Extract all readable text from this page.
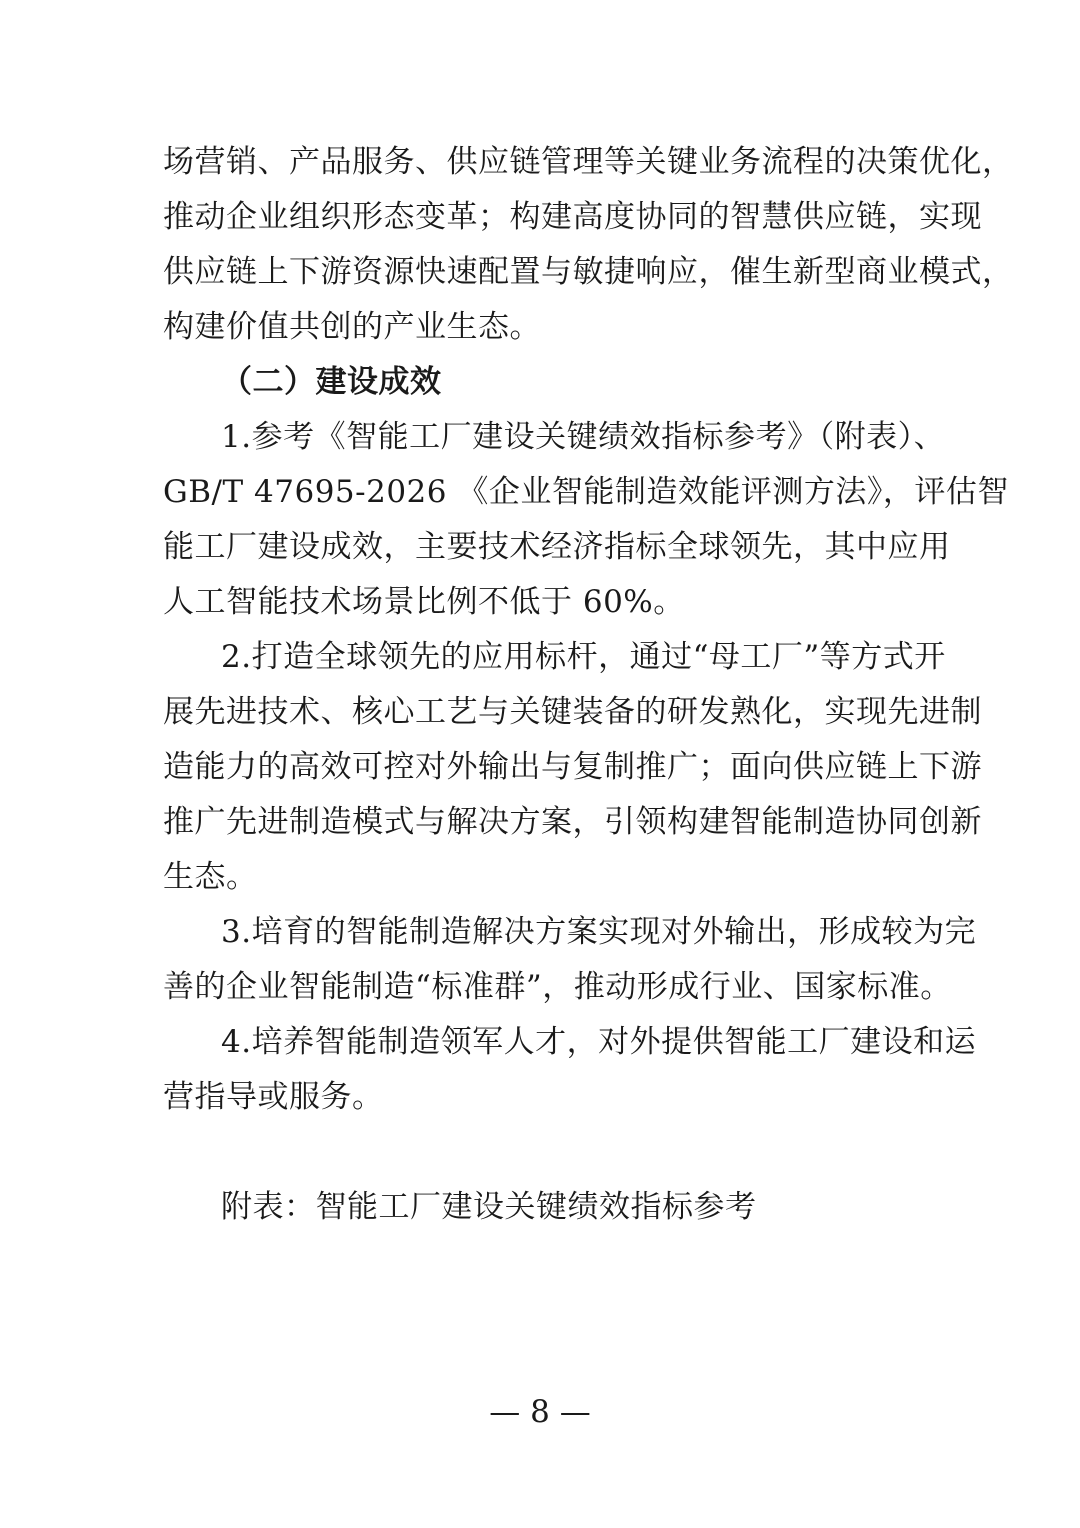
场营销、产品服务、供应链管理等关键业务流程的决策优化，
推动企业组织形态变革；构建高度协同的智慧供应链，实现
供应链上下游资源快速配置与敏捷响应，催生新型商业模式，
构建价值共创的产业生态。
（二）建设成效
1.参考《智能工厂建设关键绩效指标参考》（附表）、
GB/T 47695-2026 《企业智能制造效能评测方法》，评估智
能工厂建设成效，主要技术经济指标全球领先，其中应用
人工智能技术场景比例不低于 60%。
2.打造全球领先的应用标杆，通过“母工厂”等方式开
展先进技术、核心工艺与关键装备的研发熟化，实现先进制
造能力的高效可控对外输出与复制推广；面向供应链上下游
推广先进制造模式与解决方案，引领构建智能制造协同创新
生态。
3.培育的智能制造解决方案实现对外输出，形成较为完
善的企业智能制造“标准群”，推动形成行业、国家标准。
4.培养智能制造领军人才，对外提供智能工厂建设和运
营指导或服务。
附表：智能工厂建设关键绩效指标参考
— 8 —
